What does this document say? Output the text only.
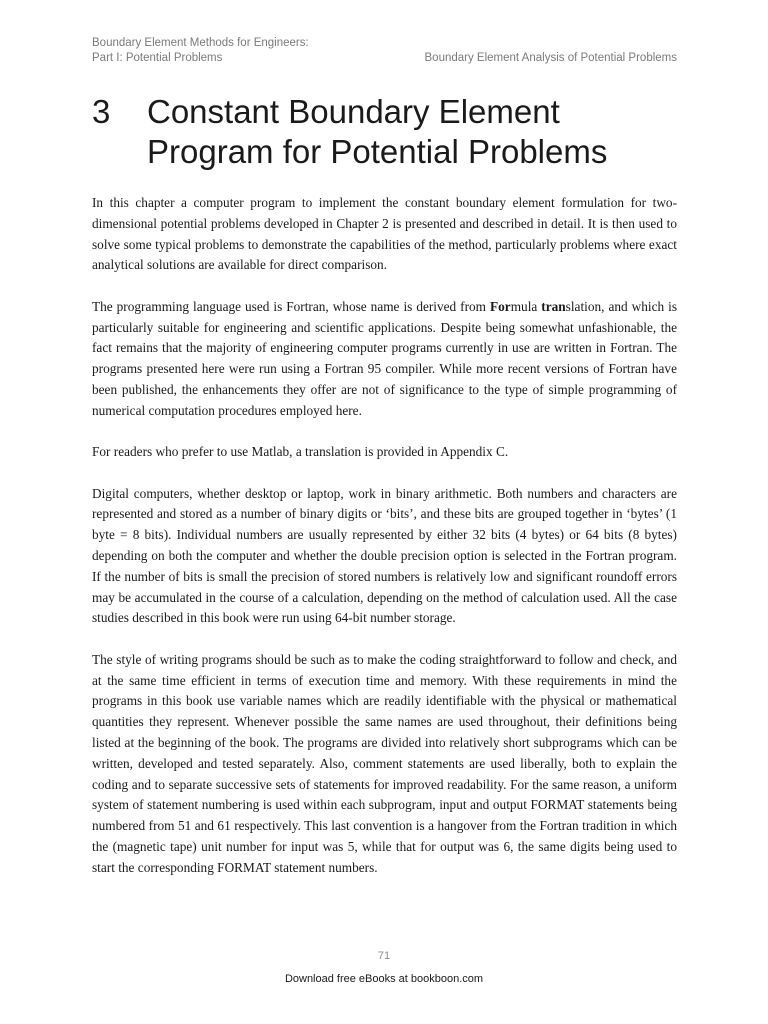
Boundary Element Methods for Engineers:
Part I: Potential Problems	Boundary Element Analysis of Potential Problems
3	Constant Boundary Element
Program for Potential Problems

In this chapter a computer program to implement the constant boundary element formulation for two-dimensional potential problems developed in Chapter 2 is presented and described in detail. It is then used to solve some typical problems to demonstrate the capabilities of the method, particularly problems where exact analytical solutions are available for direct comparison.

The programming language used is Fortran, whose name is derived from Formula translation, and which is particularly suitable for engineering and scientific applications. Despite being somewhat unfashionable, the fact remains that the majority of engineering computer programs currently in use are written in Fortran. The programs presented here were run using a Fortran 95 compiler. While more recent versions of Fortran have been published, the enhancements they offer are not of significance to the type of simple programming of numerical computation procedures employed here.

For readers who prefer to use Matlab, a translation is provided in Appendix C.

Digital computers, whether desktop or laptop, work in binary arithmetic. Both numbers and characters are represented and stored as a number of binary digits or ‘bits’, and these bits are grouped together in ‘bytes’ (1 byte = 8 bits). Individual numbers are usually represented by either 32 bits (4 bytes) or 64 bits (8 bytes) depending on both the computer and whether the double precision option is selected in the Fortran program. If the number of bits is small the precision of stored numbers is relatively low and significant roundoff errors may be accumulated in the course of a calculation, depending on the method of calculation used. All the case studies described in this book were run using 64-bit number storage.

The style of writing programs should be such as to make the coding straightforward to follow and check, and at the same time efficient in terms of execution time and memory. With these requirements in mind the programs in this book use variable names which are readily identifiable with the physical or mathematical quantities they represent. Whenever possible the same names are used throughout, their definitions being listed at the beginning of the book. The programs are divided into relatively short subprograms which can be written, developed and tested separately. Also, comment statements are used liberally, both to explain the coding and to separate successive sets of statements for improved readability. For the same reason, a uniform system of statement numbering is used within each subprogram, input and output FORMAT statements being numbered from 51 and 61 respectively. This last convention is a hangover from the Fortran tradition in which the (magnetic tape) unit number for input was 5, while that for output was 6, the same digits being used to start the corresponding FORMAT statement numbers.

71
Download free eBooks at bookboon.com
